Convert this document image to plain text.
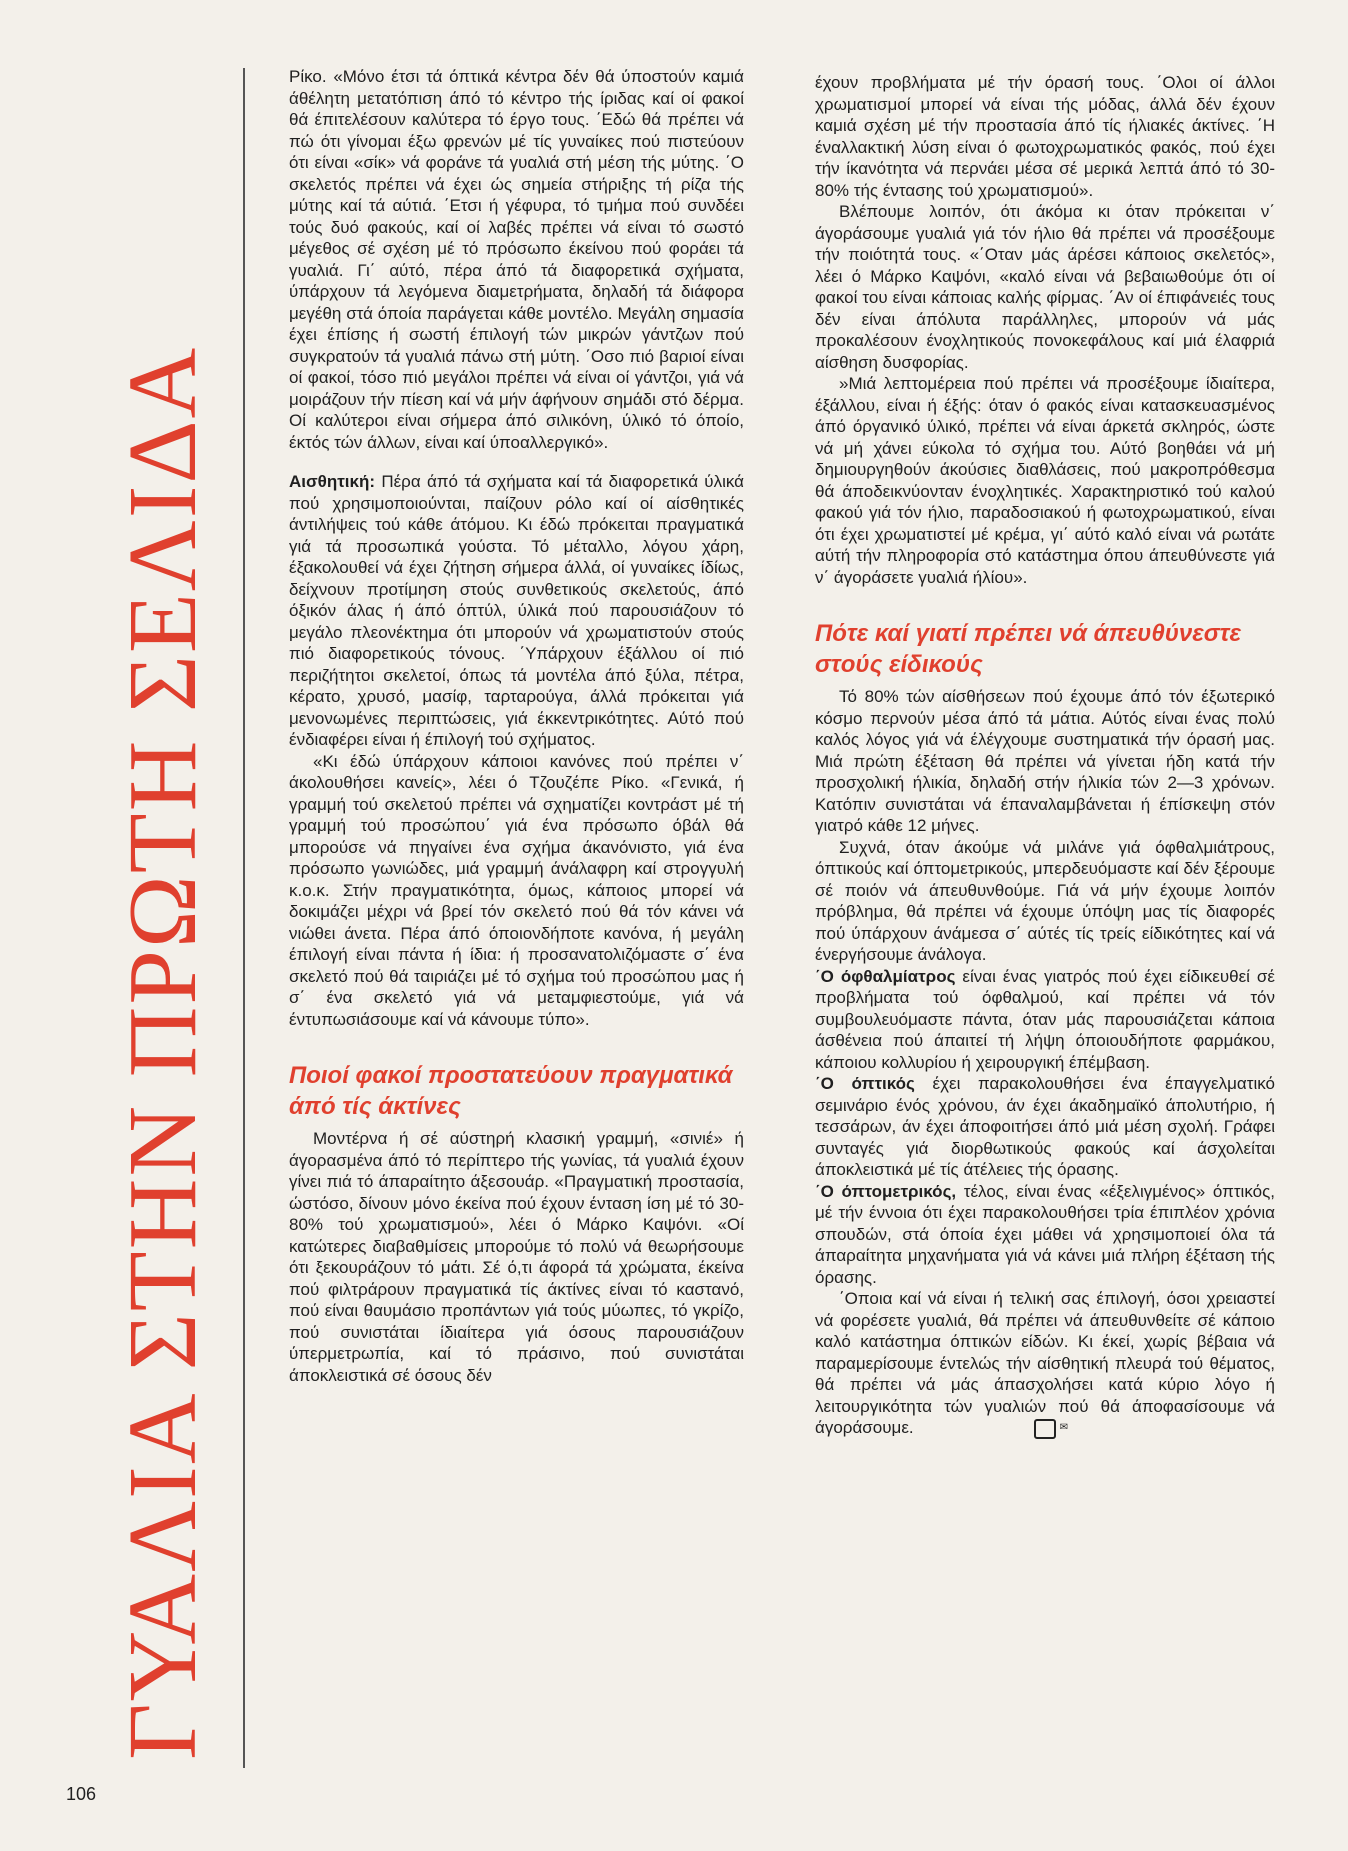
ΓΥΑΛΙΑ ΣΤΗΝ ΠΡΩΤΗ ΣΕΛΙΔΑ
106

Ρίκο. «Μόνο έτσι τά όπτικά κέντρα δέν θά ύποστούν καμιά άθέλητη μετατόπιση άπό τό κέντρο τής ίριδας καί οί φακοί θά έπιτελέσουν καλύτερα τό έργο τους. ΄Εδώ θά πρέπει νά πώ ότι γίνομαι έξω φρενών μέ τίς γυναίκες πού πιστεύουν ότι είναι «σίκ» νά φοράνε τά γυαλιά στή μέση τής μύτης. ΄Ο σκελετός πρέπει νά έχει ώς σημεία στήριξης τή ρίζα τής μύτης καί τά αύτιά. ΄Ετσι ή γέφυρα, τό τμήμα πού συνδέει τούς δυό φακούς, καί οί λαβές πρέπει νά είναι τό σωστό μέγεθος σέ σχέση μέ τό πρόσωπο έκείνου πού φοράει τά γυαλιά. Γι΄ αύτό, πέρα άπό τά διαφορετικά σχήματα, ύπάρχουν τά λεγόμενα διαμετρήματα, δηλαδή τά διάφορα μεγέθη στά όποία παράγεται κάθε μοντέλο. Μεγάλη σημασία έχει έπίσης ή σωστή έπιλογή τών μικρών γάντζων πού συγκρατούν τά γυαλιά πάνω στή μύτη. ΄Οσο πιό βαριοί είναι οί φακοί, τόσο πιό μεγάλοι πρέπει νά είναι οί γάντζοι, γιά νά μοιράζουν τήν πίεση καί νά μήν άφήνουν σημάδι στό δέρμα. Οί καλύτεροι είναι σήμερα άπό σιλικόνη, ύλικό τό όποίο, έκτός τών άλλων, είναι καί ύποαλλεργικό».

Αισθητική: Πέρα άπό τά σχήματα καί τά διαφορετικά ύλικά πού χρησιμοποιούνται, παίζουν ρόλο καί οί αίσθητικές άντιλήψεις τού κάθε άτόμου. Κι έδώ πρόκειται πραγματικά γιά τά προσωπικά γούστα. Τό μέταλλο, λόγου χάρη, έξακολουθεί νά έχει ζήτηση σήμερα άλλά, οί γυναίκες ίδίως, δείχνουν προτίμηση στούς συνθετικούς σκελετούς, άπό όξικόν άλας ή άπό όπτύλ, ύλικά πού παρουσιάζουν τό μεγάλο πλεονέκτημα ότι μπορούν νά χρωματιστούν στούς πιό διαφορετικούς τόνους. ΄Υπάρχουν έξάλλου οί πιό περιζήτητοι σκελετοί, όπως τά μοντέλα άπό ξύλα, πέτρα, κέρατο, χρυσό, μασίφ, ταρταρούγα, άλλά πρόκειται γιά μενονωμένες περιπτώσεις, γιά έκκεντρικότητες. Αύτό πού ένδιαφέρει είναι ή έπιλογή τού σχήματος.

«Κι έδώ ύπάρχουν κάποιοι κανόνες πού πρέπει ν΄ άκολουθήσει κανείς», λέει ό Τζουζέπε Ρίκο. «Γενικά, ή γραμμή τού σκελετού πρέπει νά σχηματίζει κοντράστ μέ τή γραμμή τού προσώπου΄ γιά ένα πρόσωπο όβάλ θά μπορούσε νά πηγαίνει ένα σχήμα άκανόνιστο, γιά ένα πρόσωπο γωνιώδες, μιά γραμμή άνάλαφρη καί στρογγυλή κ.ο.κ. Στήν πραγματικότητα, όμως, κάποιος μπορεί νά δοκιμάζει μέχρι νά βρεί τόν σκελετό πού θά τόν κάνει νά νιώθει άνετα. Πέρα άπό όποιονδήποτε κανόνα, ή μεγάλη έπιλογή είναι πάντα ή ίδια: ή προσανατολιζόμαστε σ΄ ένα σκελετό πού θά ταιριάζει μέ τό σχήμα τού προσώπου μας ή σ΄ ένα σκελετό γιά νά μεταμφιεστούμε, γιά νά έντυπωσιάσουμε καί νά κάνουμε τύπο».

Ποιοί φακοί προστατεύουν πραγματικά άπό τίς άκτίνες

Μοντέρνα ή σέ αύστηρή κλασική γραμμή, «σινιέ» ή άγορασμένα άπό τό περίπτερο τής γωνίας, τά γυαλιά έχουν γίνει πιά τό άπαραίτητο άξεσουάρ. «Πραγματική προστασία, ώστόσο, δίνουν μόνο έκείνα πού έχουν ένταση ίση μέ τό 30-80% τού χρωματισμού», λέει ό Μάρκο Καψόνι. «Οί κατώτερες διαβαθμίσεις μπορούμε τό πολύ νά θεωρήσουμε ότι ξεκουράζουν τό μάτι. Σέ ό,τι άφορά τά χρώματα, έκείνα πού φιλτράρουν πραγματικά τίς άκτίνες είναι τό καστανό, πού είναι θαυμάσιο προπάντων γιά τούς μύωπες, τό γκρίζο, πού συνιστάται ίδιαίτερα γιά όσους παρουσιάζουν ύπερμετρωπία, καί τό πράσινο, πού συνιστάται άποκλειστικά σέ όσους δέν

έχουν προβλήματα μέ τήν όρασή τους. ΄Ολοι οί άλλοι χρωματισμοί μπορεί νά είναι τής μόδας, άλλά δέν έχουν καμιά σχέση μέ τήν προστασία άπό τίς ήλιακές άκτίνες. ΄Η έναλλακτική λύση είναι ό φωτοχρωματικός φακός, πού έχει τήν ίκανότητα νά περνάει μέσα σέ μερικά λεπτά άπό τό 30-80% τής έντασης τού χρωματισμού».

Βλέπουμε λοιπόν, ότι άκόμα κι όταν πρόκειται ν΄ άγοράσουμε γυαλιά γιά τόν ήλιο θά πρέπει νά προσέξουμε τήν ποιότητά τους. «΄Οταν μάς άρέσει κάποιος σκελετός», λέει ό Μάρκο Καψόνι, «καλό είναι νά βεβαιωθούμε ότι οί φακοί του είναι κάποιας καλής φίρμας. ΄Αν οί έπιφάνειές τους δέν είναι άπόλυτα παράλληλες, μπορούν νά μάς προκαλέσουν ένοχλητικούς πονοκεφάλους καί μιά έλαφριά αίσθηση δυσφορίας.

»Μιά λεπτομέρεια πού πρέπει νά προσέξουμε ίδιαίτερα, έξάλλου, είναι ή έξής: όταν ό φακός είναι κατασκευασμένος άπό όργανικό ύλικό, πρέπει νά είναι άρκετά σκληρός, ώστε νά μή χάνει εύκολα τό σχήμα του. Αύτό βοηθάει νά μή δημιουργηθούν άκούσιες διαθλάσεις, πού μακροπρόθεσμα θά άποδεικνύονταν ένοχλητικές. Χαρακτηριστικό τού καλού φακού γιά τόν ήλιο, παραδοσιακού ή φωτοχρωματικού, είναι ότι έχει χρωματιστεί μέ κρέμα, γι΄ αύτό καλό είναι νά ρωτάτε αύτή τήν πληροφορία στό κατάστημα όπου άπευθύνεστε γιά ν΄ άγοράσετε γυαλιά ήλίου».

Πότε καί γιατί πρέπει νά άπευθύνεστε στούς είδικούς

Τό 80% τών αίσθήσεων πού έχουμε άπό τόν έξωτερικό κόσμο περνούν μέσα άπό τά μάτια. Αύτός είναι ένας πολύ καλός λόγος γιά νά έλέγχουμε συστηματικά τήν όρασή μας. Μιά πρώτη έξέταση θά πρέπει νά γίνεται ήδη κατά τήν προσχολική ήλικία, δηλαδή στήν ήλικία τών 2—3 χρόνων. Κατόπιν συνιστάται νά έπαναλαμβάνεται ή έπίσκεψη στόν γιατρό κάθε 12 μήνες.

Συχνά, όταν άκούμε νά μιλάνε γιά όφθαλμιάτρους, όπτικούς καί όπτομετρικούς, μπερδευόμαστε καί δέν ξέρουμε σέ ποιόν νά άπευθυνθούμε. Γιά νά μήν έχουμε λοιπόν πρόβλημα, θά πρέπει νά έχουμε ύπόψη μας τίς διαφορές πού ύπάρχουν άνάμεσα σ΄ αύτές τίς τρείς είδικότητες καί νά ένεργήσουμε άνάλογα.

΄Ο όφθαλμίατρος είναι ένας γιατρός πού έχει είδικευθεί σέ προβλήματα τού όφθαλμού, καί πρέπει νά τόν συμβουλευόμαστε πάντα, όταν μάς παρουσιάζεται κάποια άσθένεια πού άπαιτεί τή λήψη όποιουδήποτε φαρμάκου, κάποιου κολλυρίου ή χειρουργική έπέμβαση.

΄Ο όπτικός έχει παρακολουθήσει ένα έπαγγελματικό σεμινάριο ένός χρόνου, άν έχει άκαδημαϊκό άπολυτήριο, ή τεσσάρων, άν έχει άποφοιτήσει άπό μιά μέση σχολή. Γράφει συνταγές γιά διορθωτικούς φακούς καί άσχολείται άποκλειστικά μέ τίς άτέλειες τής όρασης.

΄Ο όπτομετρικός, τέλος, είναι ένας «έξελιγμένος» όπτικός, μέ τήν έννοια ότι έχει παρακολουθήσει τρία έπιπλέον χρόνια σπουδών, στά όποία έχει μάθει νά χρησιμοποιεί όλα τά άπαραίτητα μηχανήματα γιά νά κάνει μιά πλήρη έξέταση τής όρασης.

΄Οποια καί νά είναι ή τελική σας έπιλογή, όσοι χρειαστεί νά φορέσετε γυαλιά, θά πρέπει νά άπευθυνθείτε σέ κάποιο καλό κατάστημα όπτικών είδών. Κι έκεί, χωρίς βέβαια νά παραμερίσουμε έντελώς τήν αίσθητική πλευρά τού θέματος, θά πρέπει νά μάς άπασχολήσει κατά κύριο λόγο ή λειτουργικότητα τών γυαλιών πού θά άποφασίσουμε νά άγοράσουμε.	✉
